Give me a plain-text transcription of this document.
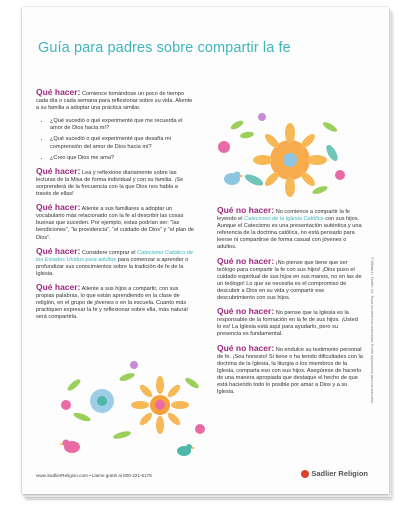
Guía para padres sobre compartir la fe

Qué hacer: Comience tomándose un poco de tiempo cada día o cada semana para reflexionar sobre su vida. Aliente a su familia a adoptar una práctica similar.

• ¿Qué sucedió o qué experimenté que me recuerda el amor de Dios hacia mí?
• ¿Qué sucedió o qué experimenté que desafía mi comprensión del amor de Dios hacia mí?
• ¿Creo que Dios me ama?

Qué hacer: Lea y reflexione diariamente sobre las lecturas de la Misa de forma individual y con su familia. ¡Se sorprenderá de la frecuencia con la que Dios nos habla a través de ellas!

Qué hacer: Aliente a sus familiares a adoptar un vocabulario más relacionado con la fe al describir las cosas buenas que suceden. Por ejemplo, estas podrían ser: “las bendiciones”, “la providencia”, “el cuidado de Dios” y “el plan de Dios”.

Qué hacer: Considere comprar el Catecismo Católico de los Estados Unidos para adultos para comenzar a aprender o profundizar sus conocimientos sobre la tradición de fe de la Iglesia.

Qué hacer: Aliente a sus hijos a compartir, con sus propias palabras, lo que están aprendiendo en la clase de religión, en el grupo de jóvenes o en la escuela. Cuanto más practiquen expresar la fe y reflexionar sobre ella, más natural será compartirla.

Qué no hacer: No comience a compartir la fe leyendo el Catecismo de la Iglesia Católica con sus hijos. Aunque el Catecismo es una presentación auténtica y una referencia de la doctrina católica, no está pensado para leerse ni compartirse de forma casual con jóvenes o adultos.

Qué no hacer: ¡No piense que tiene que ser teólogo para compartir la fe con sus hijos! ¡Dios puso el cuidado espiritual de sus hijos en sus manos, no en las de un teólogo! Lo que se necesita es el compromiso de descubrir a Dios en su vida y compartir ese descubrimiento con sus hijos.

Qué no hacer: No piense que la Iglesia es la responsable de la formación en la fe de sus hijos. ¡Usted lo es! La Iglesia está aquí para ayudarlo, pero su presencia es fundamental.

Qué no hacer: No endulce su testimonio personal de fe. ¡Sea honesto! Si tiene o ha tenido dificultades con la doctrina de la Iglesia, la liturgia o los miembros de la Iglesia, comparta eso con sus hijos. Asegúrese de hacerlo de una manera apropiada que destaque el hecho de que está haciendo todo lo posible por amar a Dios y a su Iglesia.	© William H. Sadlier, Inc. Todos los derechos reservados. Puede reproducirse para uso educativo.
www.SadlierReligion.com • Llame gratis al 800-221-5175	Sadlier Religion
